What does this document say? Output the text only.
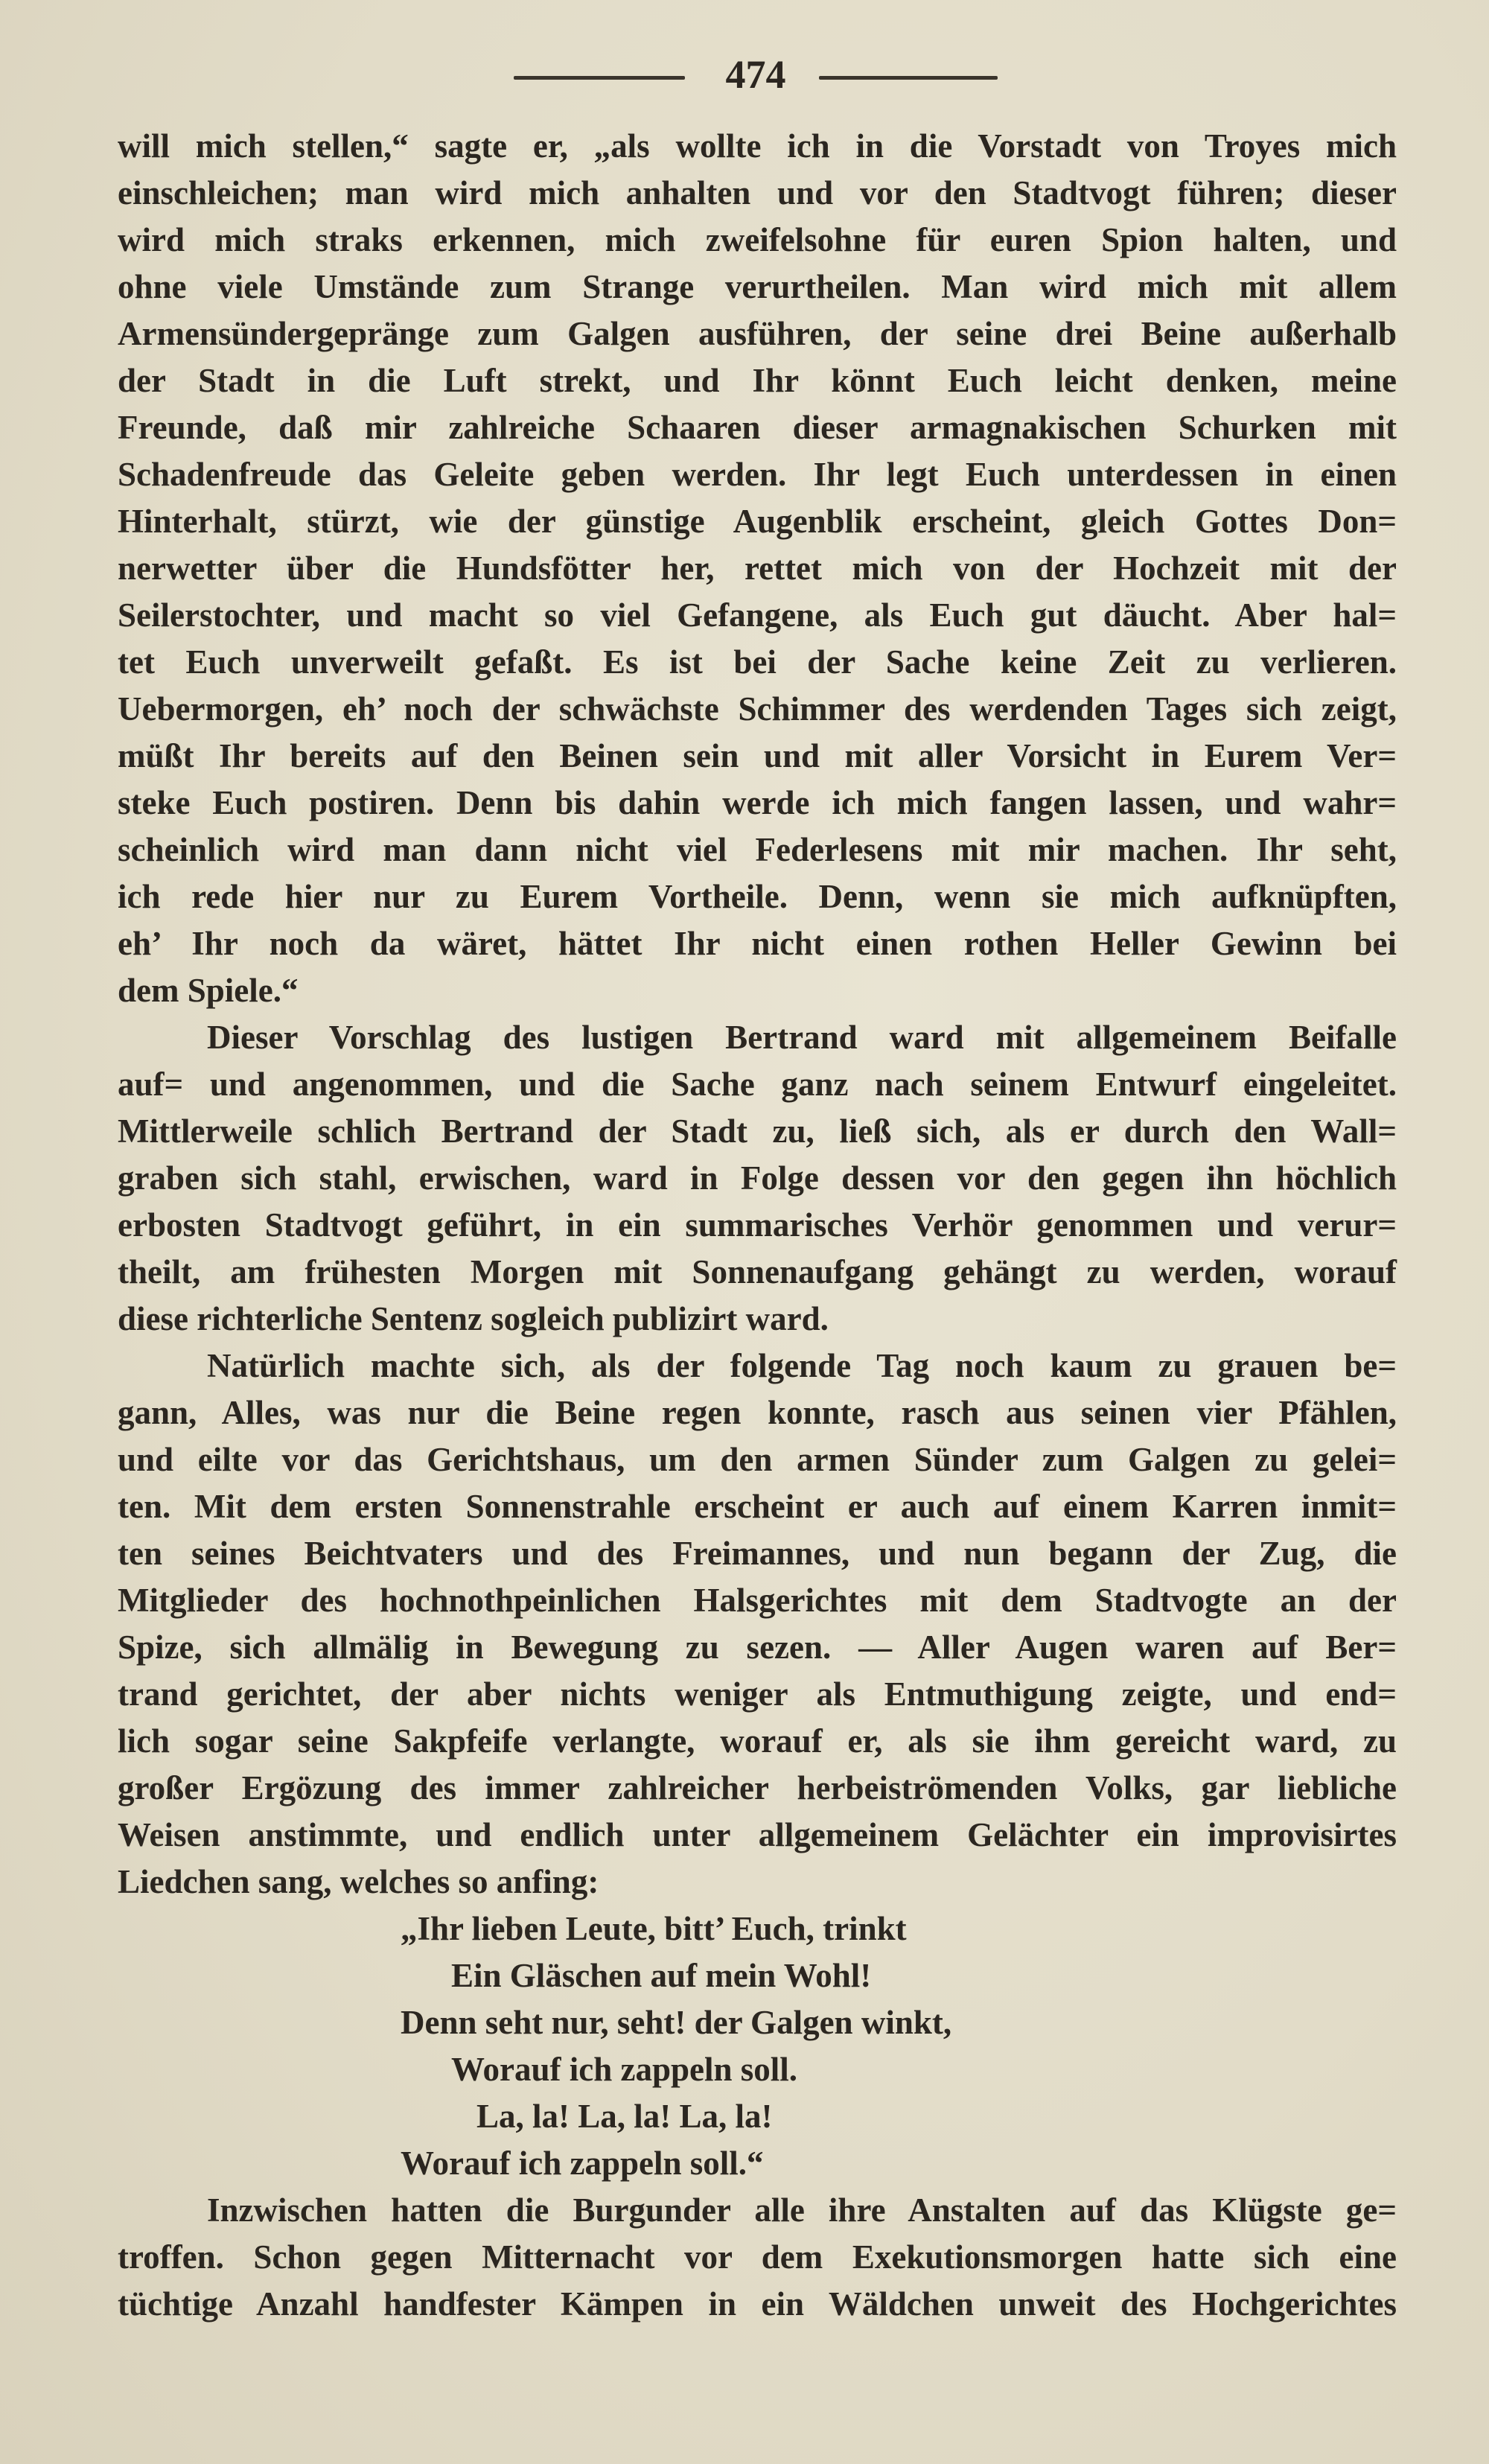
474
will mich stellen,“ sagte er, „als wollte ich in die Vorstadt von Troyes mich
einschleichen; man wird mich anhalten und vor den Stadtvogt führen; dieser
wird mich straks erkennen, mich zweifelsohne für euren Spion halten, und
ohne viele Umstände zum Strange verurtheilen. Man wird mich mit allem
Armensündergepränge zum Galgen ausführen, der seine drei Beine außerhalb
der Stadt in die Luft strekt, und Ihr könnt Euch leicht denken, meine
Freunde, daß mir zahlreiche Schaaren dieser armagnakischen Schurken mit
Schadenfreude das Geleite geben werden. Ihr legt Euch unterdessen in einen
Hinterhalt, stürzt, wie der günstige Augenblik erscheint, gleich Gottes Don=
nerwetter über die Hundsfötter her, rettet mich von der Hochzeit mit der
Seilerstochter, und macht so viel Gefangene, als Euch gut däucht. Aber hal=
tet Euch unverweilt gefaßt. Es ist bei der Sache keine Zeit zu verlieren.
Uebermorgen, eh’ noch der schwächste Schimmer des werdenden Tages sich zeigt,
müßt Ihr bereits auf den Beinen sein und mit aller Vorsicht in Eurem Ver=
steke Euch postiren. Denn bis dahin werde ich mich fangen lassen, und wahr=
scheinlich wird man dann nicht viel Federlesens mit mir machen. Ihr seht,
ich rede hier nur zu Eurem Vortheile. Denn, wenn sie mich aufknüpften,
eh’ Ihr noch da wäret, hättet Ihr nicht einen rothen Heller Gewinn bei
dem Spiele.“
Dieser Vorschlag des lustigen Bertrand ward mit allgemeinem Beifalle
auf= und angenommen, und die Sache ganz nach seinem Entwurf eingeleitet.
Mittlerweile schlich Bertrand der Stadt zu, ließ sich, als er durch den Wall=
graben sich stahl, erwischen, ward in Folge dessen vor den gegen ihn höchlich
erbosten Stadtvogt geführt, in ein summarisches Verhör genommen und verur=
theilt, am frühesten Morgen mit Sonnenaufgang gehängt zu werden, worauf
diese richterliche Sentenz sogleich publizirt ward.
Natürlich machte sich, als der folgende Tag noch kaum zu grauen be=
gann, Alles, was nur die Beine regen konnte, rasch aus seinen vier Pfählen,
und eilte vor das Gerichtshaus, um den armen Sünder zum Galgen zu gelei=
ten. Mit dem ersten Sonnenstrahle erscheint er auch auf einem Karren inmit=
ten seines Beichtvaters und des Freimannes, und nun begann der Zug, die
Mitglieder des hochnothpeinlichen Halsgerichtes mit dem Stadtvogte an der
Spize, sich allmälig in Bewegung zu sezen. — Aller Augen waren auf Ber=
trand gerichtet, der aber nichts weniger als Entmuthigung zeigte, und end=
lich sogar seine Sakpfeife verlangte, worauf er, als sie ihm gereicht ward, zu
großer Ergözung des immer zahlreicher herbeiströmenden Volks, gar liebliche
Weisen anstimmte, und endlich unter allgemeinem Gelächter ein improvisirtes
Liedchen sang, welches so anfing:
„Ihr lieben Leute, bitt’ Euch, trinkt
Ein Gläschen auf mein Wohl!
Denn seht nur, seht! der Galgen winkt,
Worauf ich zappeln soll.
La, la! La, la! La, la!
Worauf ich zappeln soll.“
Inzwischen hatten die Burgunder alle ihre Anstalten auf das Klügste ge=
troffen. Schon gegen Mitternacht vor dem Exekutionsmorgen hatte sich eine
tüchtige Anzahl handfester Kämpen in ein Wäldchen unweit des Hochgerichtes
